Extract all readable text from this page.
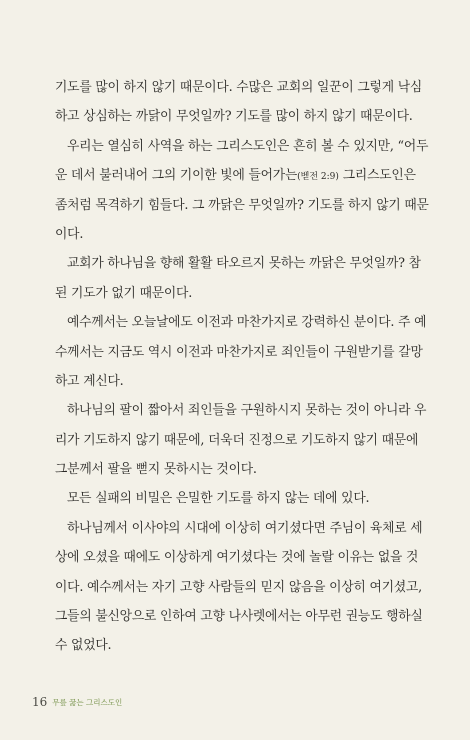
기도를 많이 하지 않기 때문이다. 수많은 교회의 일꾼이 그렇게 낙심
하고 상심하는 까닭이 무엇일까? 기도를 많이 하지 않기 때문이다.
우리는 열심히 사역을 하는 그리스도인은 흔히 볼 수 있지만, “어두
운 데서 불러내어 그의 기이한 빛에 들어가는(벧전 2:9) 그리스도인은
좀처럼 목격하기 힘들다. 그 까닭은 무엇일까? 기도를 하지 않기 때문
이다.
교회가 하나님을 향해 활활 타오르지 못하는 까닭은 무엇일까? 참
된 기도가 없기 때문이다.
예수께서는 오늘날에도 이전과 마찬가지로 강력하신 분이다. 주 예
수께서는 지금도 역시 이전과 마찬가지로 죄인들이 구원받기를 갈망
하고 계신다.
하나님의 팔이 짧아서 죄인들을 구원하시지 못하는 것이 아니라 우
리가 기도하지 않기 때문에, 더욱더 진정으로 기도하지 않기 때문에
그분께서 팔을 뻗지 못하시는 것이다.
모든 실패의 비밀은 은밀한 기도를 하지 않는 데에 있다.
하나님께서 이사야의 시대에 이상히 여기셨다면 주님이 육체로 세
상에 오셨을 때에도 이상하게 여기셨다는 것에 놀랄 이유는 없을 것
이다. 예수께서는 자기 고향 사람들의 믿지 않음을 이상히 여기셨고,
그들의 불신앙으로 인하여 고향 나사렛에서는 아무런 권능도 행하실
수 없었다.
16 무릎 꿇는 그리스도인
